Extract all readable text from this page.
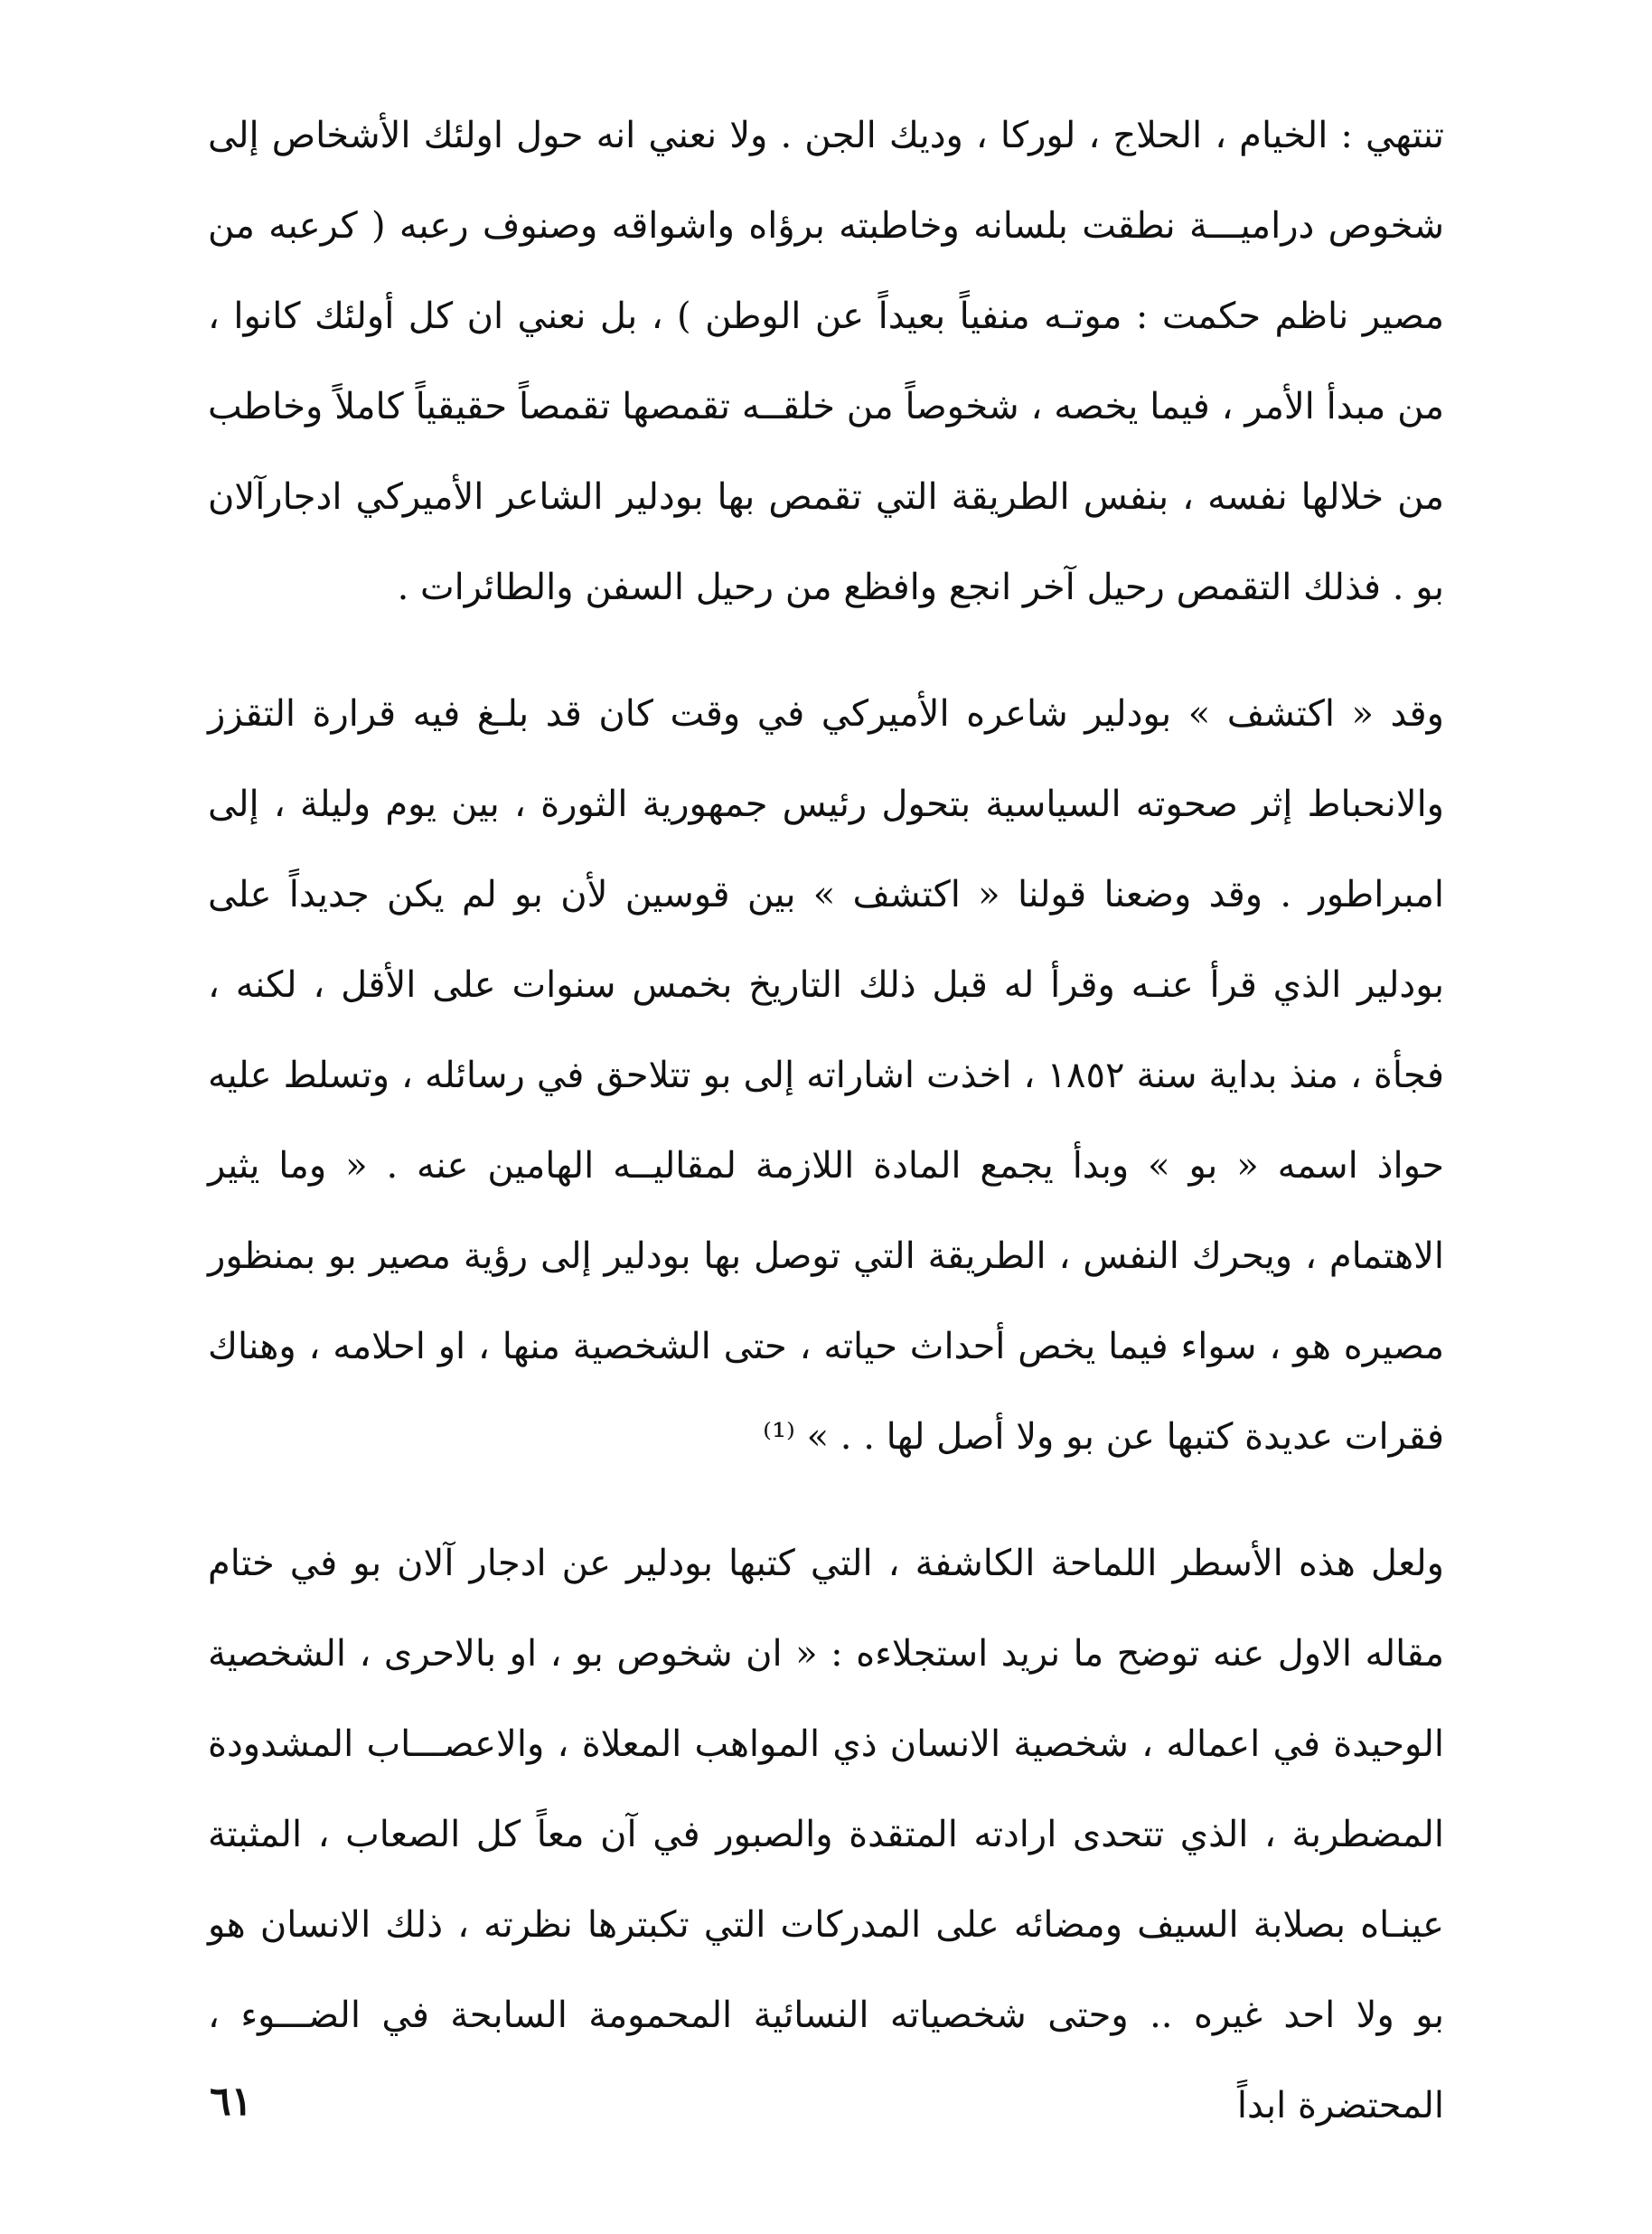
تنتهي : الخيام ، الحلاج ، لوركا ، وديك الجن . ولا نعني انه حول اولئك الأشخاص إلى شخوص دراميـــة نطقت بلسانه وخاطبته برؤاه واشواقه وصنوف رعبه ( كرعبه من مصير ناظم حكمت : موتـه منفياً بعيداً عن الوطن ) ، بل نعني ان كل أولئك كانوا ، من مبدأ الأمر ، فيما يخصه ، شخوصاً من خلقــه تقمصها تقمصاً حقيقياً كاملاً وخاطب من خلالها نفسه ، بنفس الطريقة التي تقمص بها بودلير الشاعر الأميركي ادجارآلان بو . فذلك التقمص رحيل آخر انجع وافظع من رحيل السفن والطائرات .

وقد « اكتشف » بودلير شاعره الأميركي في وقت كان قد بلـغ فيه قرارة التقزز والانحباط إثر صحوته السياسية بتحول رئيس جمهورية الثورة ، بين يوم وليلة ، إلى امبراطور . وقد وضعنا قولنا « اكتشف » بين قوسين لأن بو لم يكن جديداً على بودلير الذي قرأ عنـه وقرأ له قبل ذلك التاريخ بخمس سنوات على الأقل ، لكنه ، فجأة ، منذ بداية سنة ١٨٥٢ ، اخذت اشاراته إلى بو تتلاحق في رسائله ، وتسلط عليه حواذ اسمه « بو » وبدأ يجمع المادة اللازمة لمقاليــه الهامين عنه . « وما يثير الاهتمام ، ويحرك النفس ، الطريقة التي توصل بها بودلير إلى رؤية مصير بو بمنظور مصيره هو ، سواء فيما يخص أحداث حياته ، حتى الشخصية منها ، او احلامه ، وهناك فقرات عديدة كتبها عن بو ولا أصل لها . . » ⁽¹⁾

ولعل هذه الأسطر اللماحة الكاشفة ، التي كتبها بودلير عن ادجار آلان بو في ختام مقاله الاول عنه توضح ما نريد استجلاءه : « ان شخوص بو ، او بالاحرى ، الشخصية الوحيدة في اعماله ، شخصية الانسان ذي المواهب المعلاة ، والاعصـــاب المشدودة المضطربة ، الذي تتحدى ارادته المتقدة والصبور في آن معاً كل الصعاب ، المثبتة عينـاه بصلابة السيف ومضائه على المدركات التي تكبترها نظرته ، ذلك الانسان هو بو ولا احد غيره .. وحتى شخصياته النسائية المحمومة السابحة في الضـــوء ، المحتضرة ابداً

٦١
